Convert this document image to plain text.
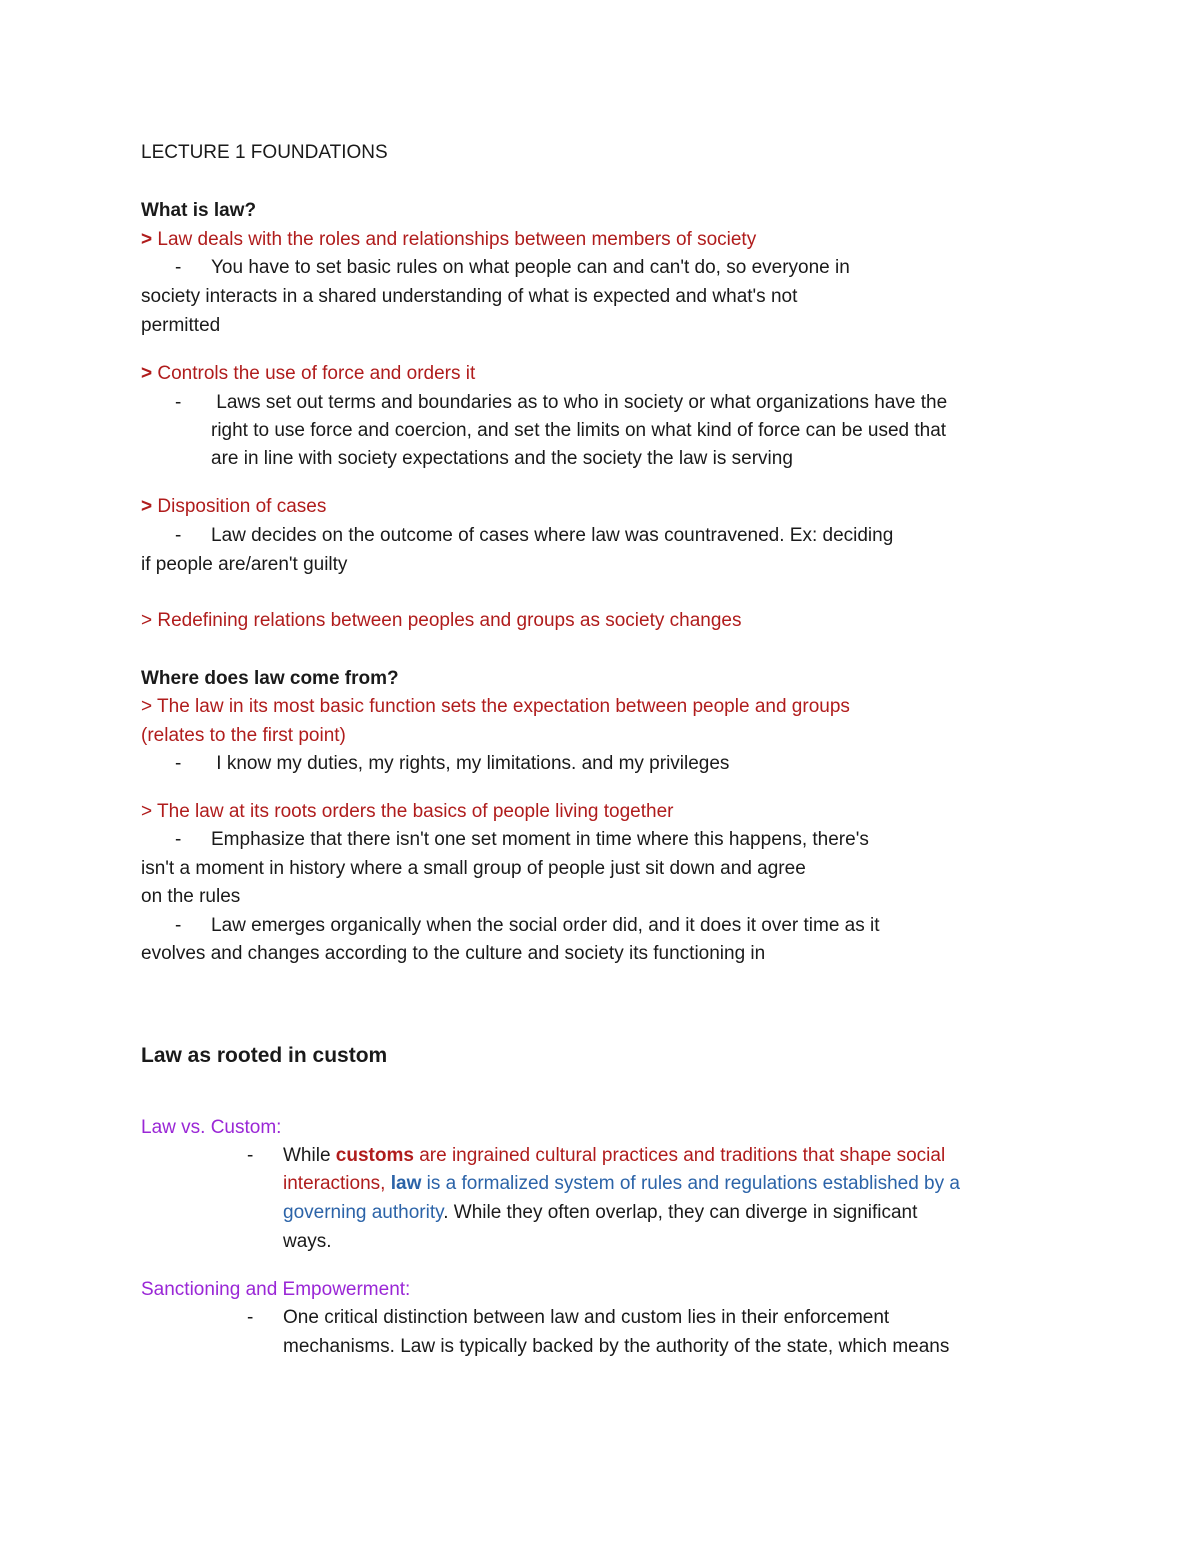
LECTURE 1 FOUNDATIONS
What is law?
> Law deals with the roles and relationships between members of society
- You have to set basic rules on what people can and can't do, so everyone in
society interacts in a shared understanding of what is expected and what's not
permitted
> Controls the use of force and orders it
- Laws set out terms and boundaries as to who in society or what organizations have the
right to use force and coercion, and set the limits on what kind of force can be used that
are in line with society expectations and the society the law is serving
> Disposition of cases
- Law decides on the outcome of cases where law was countravened. Ex: deciding
if people are/aren't guilty
> Redefining relations between peoples and groups as society changes
Where does law come from?
> The law in its most basic function sets the expectation between people and groups
(relates to the first point)
- I know my duties, my rights, my limitations. and my privileges
> The law at its roots orders the basics of people living together
- Emphasize that there isn't one set moment in time where this happens, there's
isn't a moment in history where a small group of people just sit down and agree
on the rules
- Law emerges organically when the social order did, and it does it over time as it
evolves and changes according to the culture and society its functioning in
Law as rooted in custom
Law vs. Custom:
- While customs are ingrained cultural practices and traditions that shape social
interactions, law is a formalized system of rules and regulations established by a
governing authority. While they often overlap, they can diverge in significant
ways.
Sanctioning and Empowerment:
- One critical distinction between law and custom lies in their enforcement
mechanisms. Law is typically backed by the authority of the state, which means
